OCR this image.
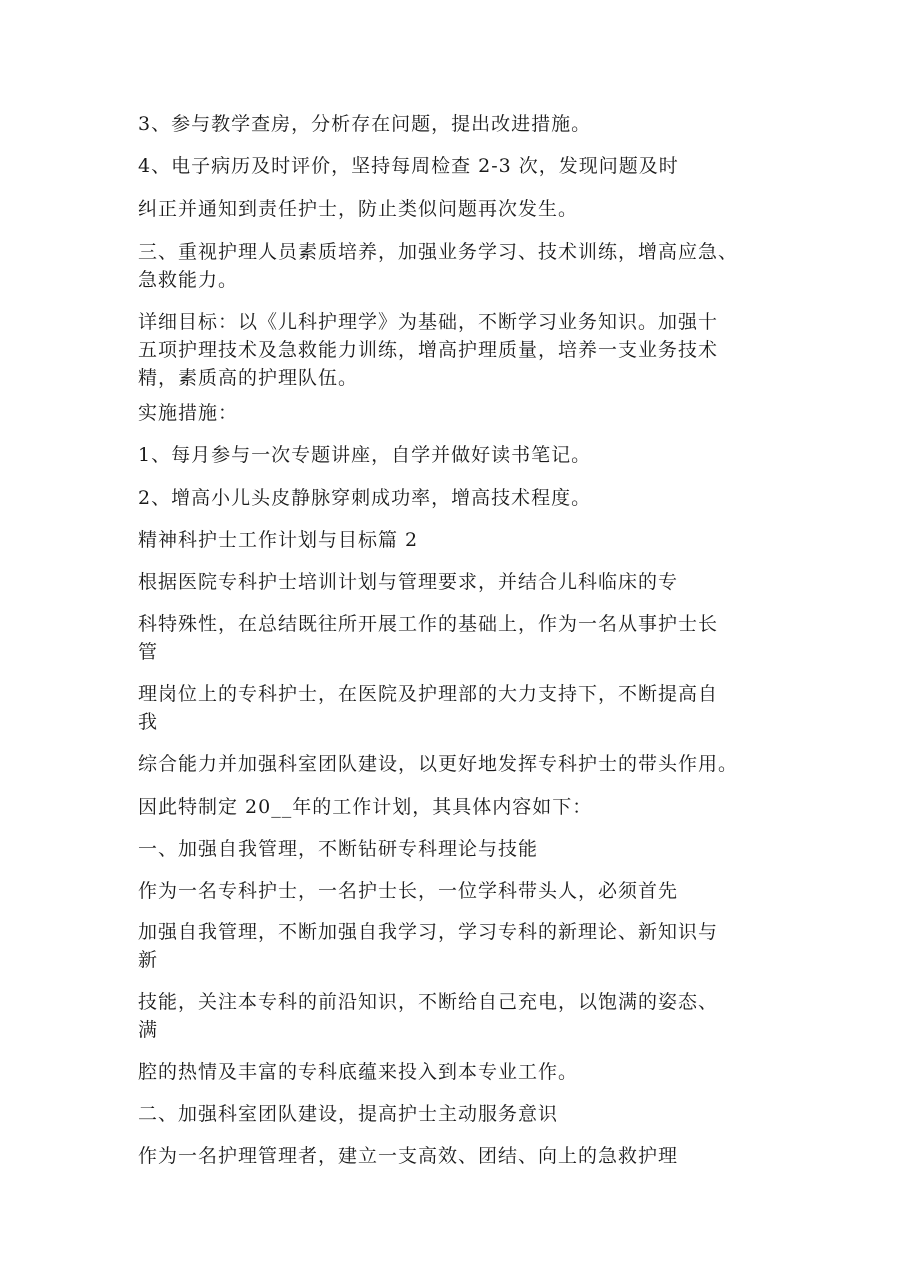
3、参与教学查房，分析存在问题，提出改进措施。
4、电子病历及时评价，坚持每周检查 2-3 次，发现问题及时
纠正并通知到责任护士，防止类似问题再次发生。
三、重视护理人员素质培养，加强业务学习、技术训练，增高应急、
急救能力。
详细目标：以《儿科护理学》为基础，不断学习业务知识。加强十
五项护理技术及急救能力训练，增高护理质量，培养一支业务技术
精，素质高的护理队伍。
实施措施：
1、每月参与一次专题讲座，自学并做好读书笔记。
2、增高小儿头皮静脉穿刺成功率，增高技术程度。
精神科护士工作计划与目标篇 2
根据医院专科护士培训计划与管理要求，并结合儿科临床的专
科特殊性，在总结既往所开展工作的基础上，作为一名从事护士长
管
理岗位上的专科护士，在医院及护理部的大力支持下，不断提高自
我
综合能力并加强科室团队建设，以更好地发挥专科护士的带头作用。
因此特制定 20__年的工作计划，其具体内容如下：
一、加强自我管理，不断钻研专科理论与技能
作为一名专科护士，一名护士长，一位学科带头人，必须首先
加强自我管理，不断加强自我学习，学习专科的新理论、新知识与
新
技能，关注本专科的前沿知识，不断给自己充电，以饱满的姿态、
满
腔的热情及丰富的专科底蕴来投入到本专业工作。
二、加强科室团队建设，提高护士主动服务意识
作为一名护理管理者，建立一支高效、团结、向上的急救护理
